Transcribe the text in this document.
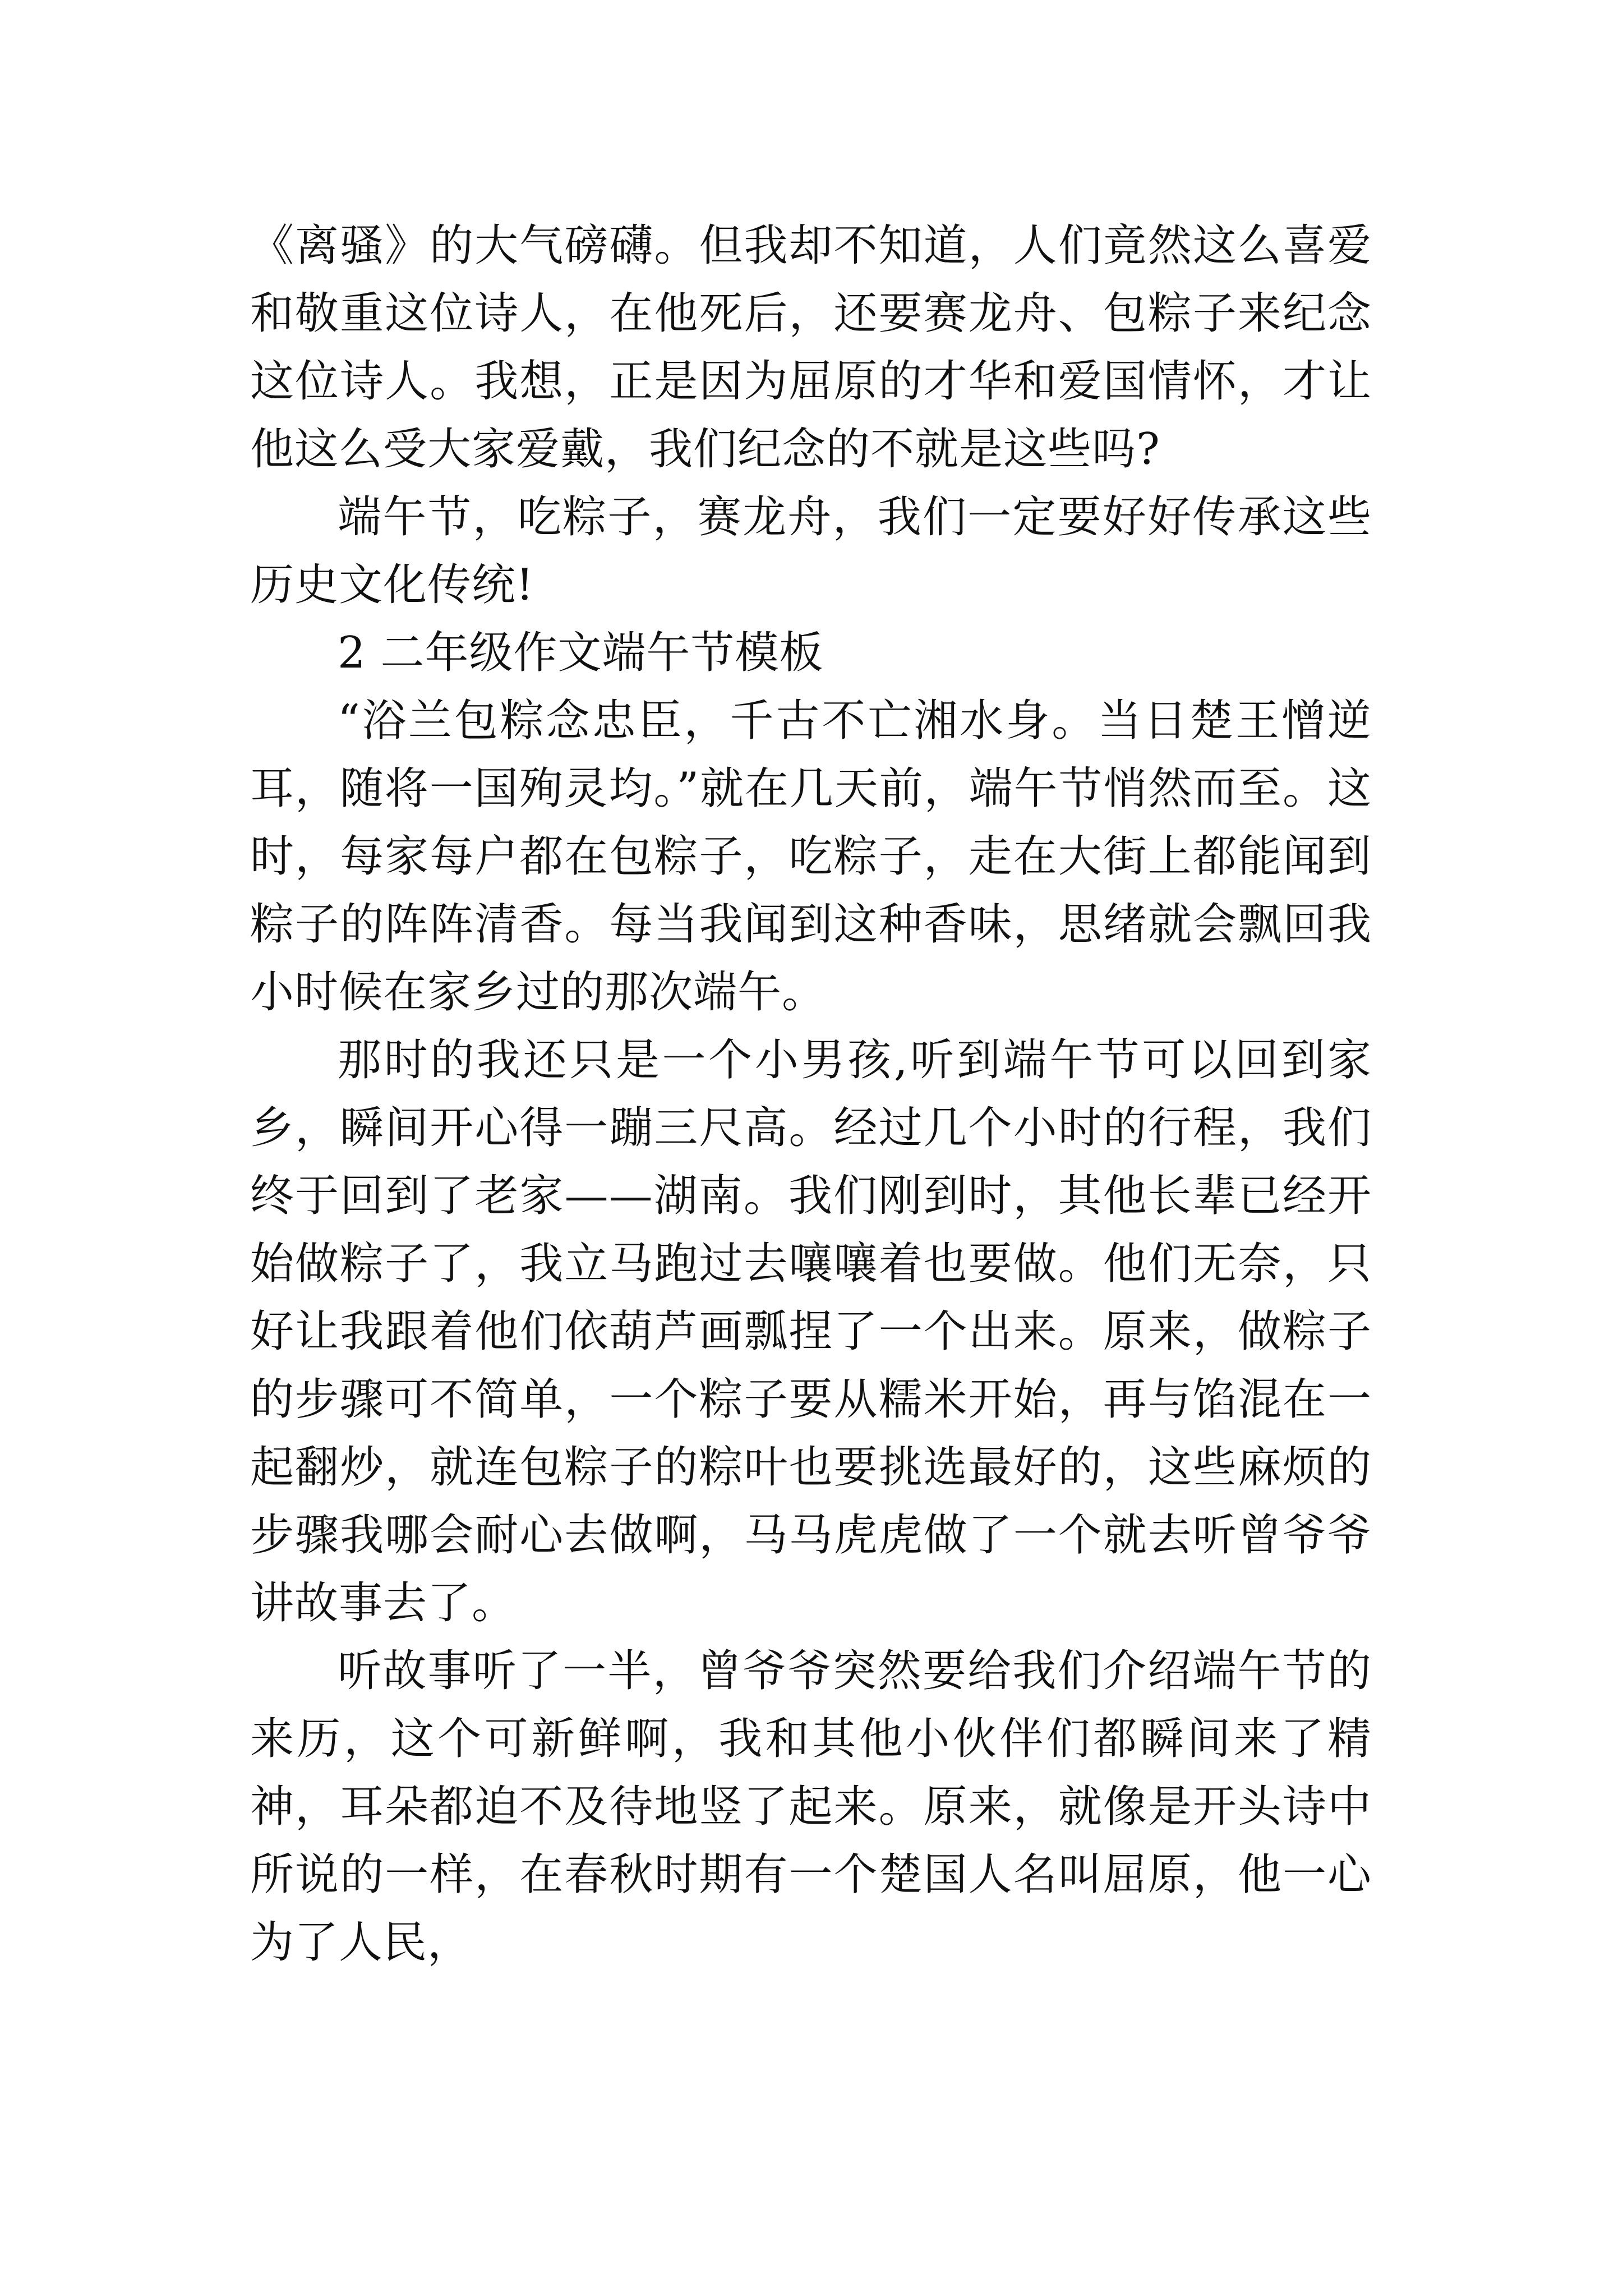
《离骚》的大气磅礴。但我却不知道，人们竟然这么喜爱和敬重这位诗人，在他死后，还要赛龙舟、包粽子来纪念这位诗人。我想，正是因为屈原的才华和爱国情怀，才让他这么受大家爱戴，我们纪念的不就是这些吗?

端午节，吃粽子，赛龙舟，我们一定要好好传承这些历史文化传统!

2 二年级作文端午节模板

“浴兰包粽念忠臣，千古不亡湘水身。当日楚王憎逆耳，随将一国殉灵均。”就在几天前，端午节悄然而至。这时，每家每户都在包粽子，吃粽子，走在大街上都能闻到粽子的阵阵清香。每当我闻到这种香味，思绪就会飘回我小时候在家乡过的那次端午。

那时的我还只是一个小男孩,听到端午节可以回到家乡，瞬间开心得一蹦三尺高。经过几个小时的行程，我们终于回到了老家——湖南。我们刚到时，其他长辈已经开始做粽子了，我立马跑过去嚷嚷着也要做。他们无奈，只好让我跟着他们依葫芦画瓢捏了一个出来。原来，做粽子的步骤可不简单，一个粽子要从糯米开始，再与馅混在一起翻炒，就连包粽子的粽叶也要挑选最好的，这些麻烦的步骤我哪会耐心去做啊，马马虎虎做了一个就去听曾爷爷讲故事去了。

听故事听了一半，曾爷爷突然要给我们介绍端午节的来历，这个可新鲜啊，我和其他小伙伴们都瞬间来了精神，耳朵都迫不及待地竖了起来。原来，就像是开头诗中所说的一样，在春秋时期有一个楚国人名叫屈原，他一心为了人民，
